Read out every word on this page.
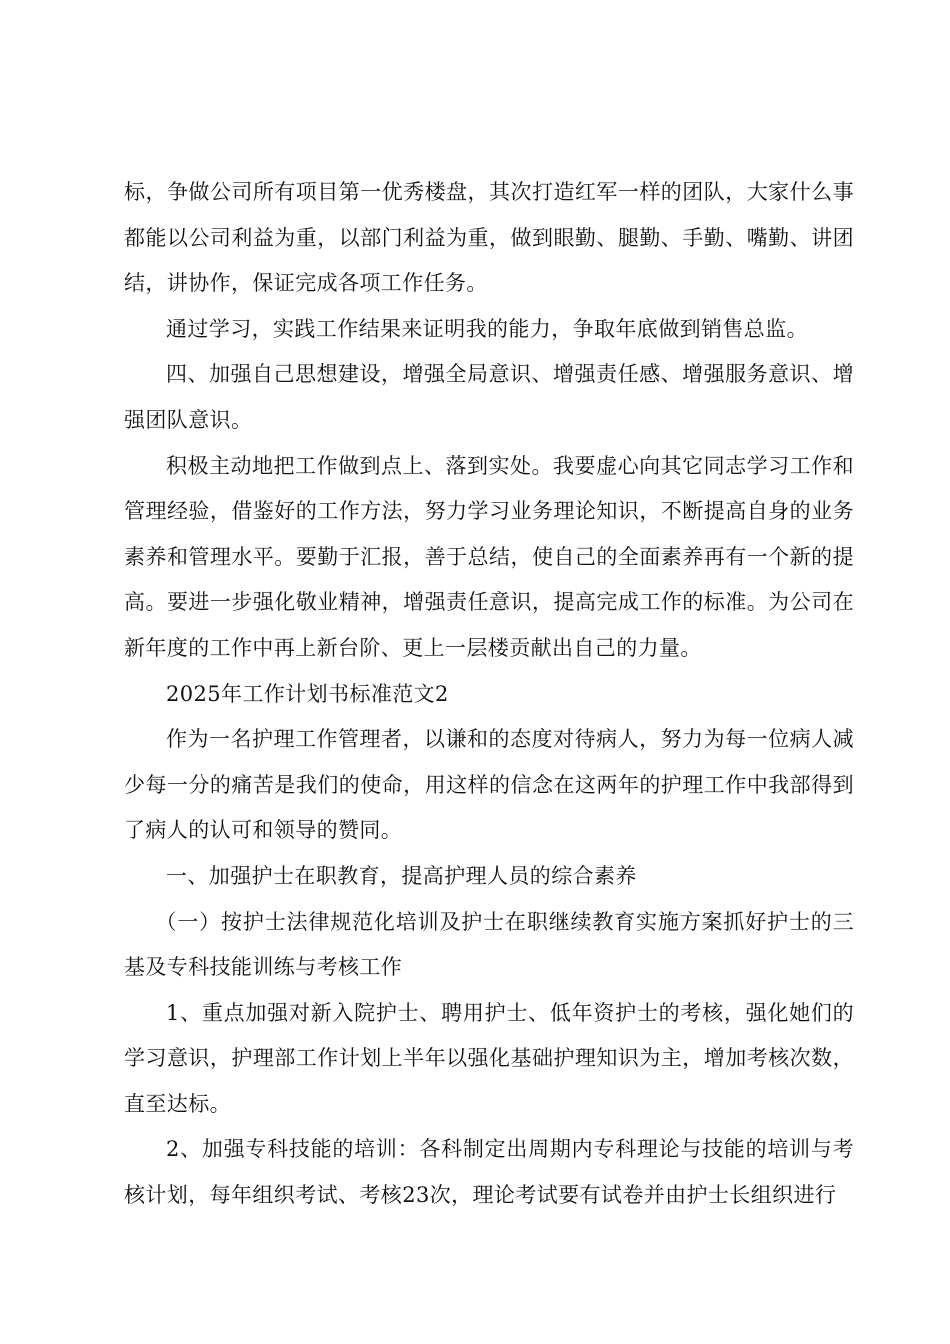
标，争做公司所有项目第一优秀楼盘，其次打造红军一样的团队，大家什么事都能以公司利益为重，以部门利益为重，做到眼勤、腿勤、手勤、嘴勤、讲团结，讲协作，保证完成各项工作任务。

通过学习，实践工作结果来证明我的能力，争取年底做到销售总监。

四、加强自己思想建设，增强全局意识、增强责任感、增强服务意识、增强团队意识。

积极主动地把工作做到点上、落到实处。我要虚心向其它同志学习工作和管理经验，借鉴好的工作方法，努力学习业务理论知识，不断提高自身的业务素养和管理水平。要勤于汇报，善于总结，使自己的全面素养再有一个新的提高。要进一步强化敬业精神，增强责任意识，提高完成工作的标准。为公司在新年度的工作中再上新台阶、更上一层楼贡献出自己的力量。

2025年工作计划书标准范文2

作为一名护理工作管理者，以谦和的态度对待病人，努力为每一位病人减少每一分的痛苦是我们的使命，用这样的信念在这两年的护理工作中我部得到了病人的认可和领导的赞同。

一、加强护士在职教育，提高护理人员的综合素养

（一）按护士法律规范化培训及护士在职继续教育实施方案抓好护士的三基及专科技能训练与考核工作

1、重点加强对新入院护士、聘用护士、低年资护士的考核，强化她们的学习意识，护理部工作计划上半年以强化基础护理知识为主，增加考核次数，直至达标。

2、加强专科技能的培训：各科制定出周期内专科理论与技能的培训与考核计划，每年组织考试、考核23次，理论考试要有试卷并由护士长组织进行
